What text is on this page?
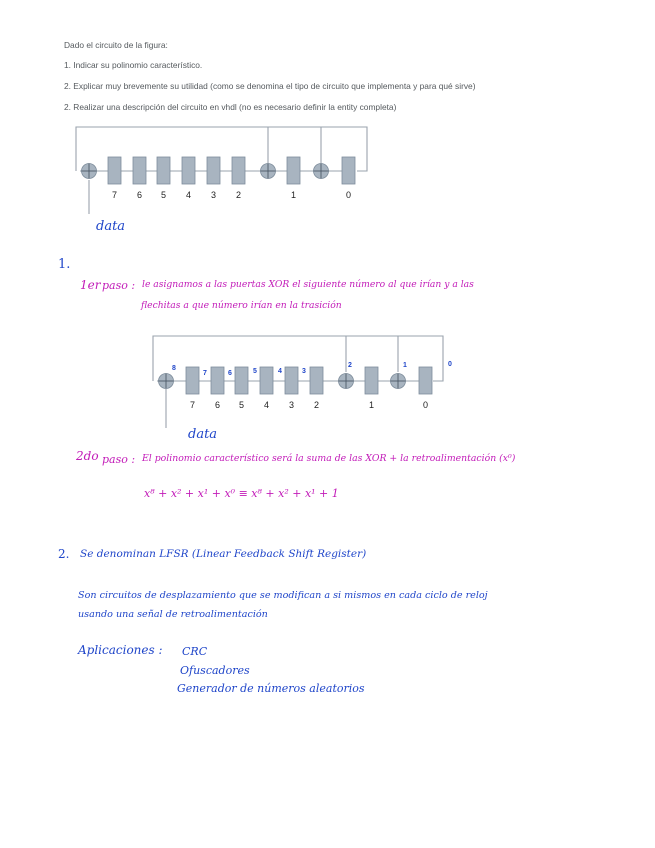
Dado el circuito de la figura:
1. Indicar su polinomio característico.
2. Explicar muy brevemente su utilidad (como se denomina el tipo de circuito que implementa y para qué sirve)
2. Realizar una descripción del circuito en vhdl (no es necesario definir la entity completa)
7 6 5 4 3 2	1	0
data
1.
1er paso : le asignamos a las puertas XOR el siguiente número al que irían y a las
flechitas a que número irían en la trasición
7 6 5 4 3 2	1	0
8
7	6	5	4	3
2	1	0
data
2do paso : El polinomio característico será la suma de las XOR + la retroalimentación (x⁰)
x⁸ + x² + x¹ + x⁰ ≡ x⁸ + x² + x¹ + 1
2. Se denominan LFSR (Linear Feedback Shift Register)
Son circuitos de desplazamiento que se modifican a si mismos en cada ciclo de reloj
usando una señal de retroalimentación
Aplicaciones : CRC
Ofuscadores
Generador de números aleatorios
